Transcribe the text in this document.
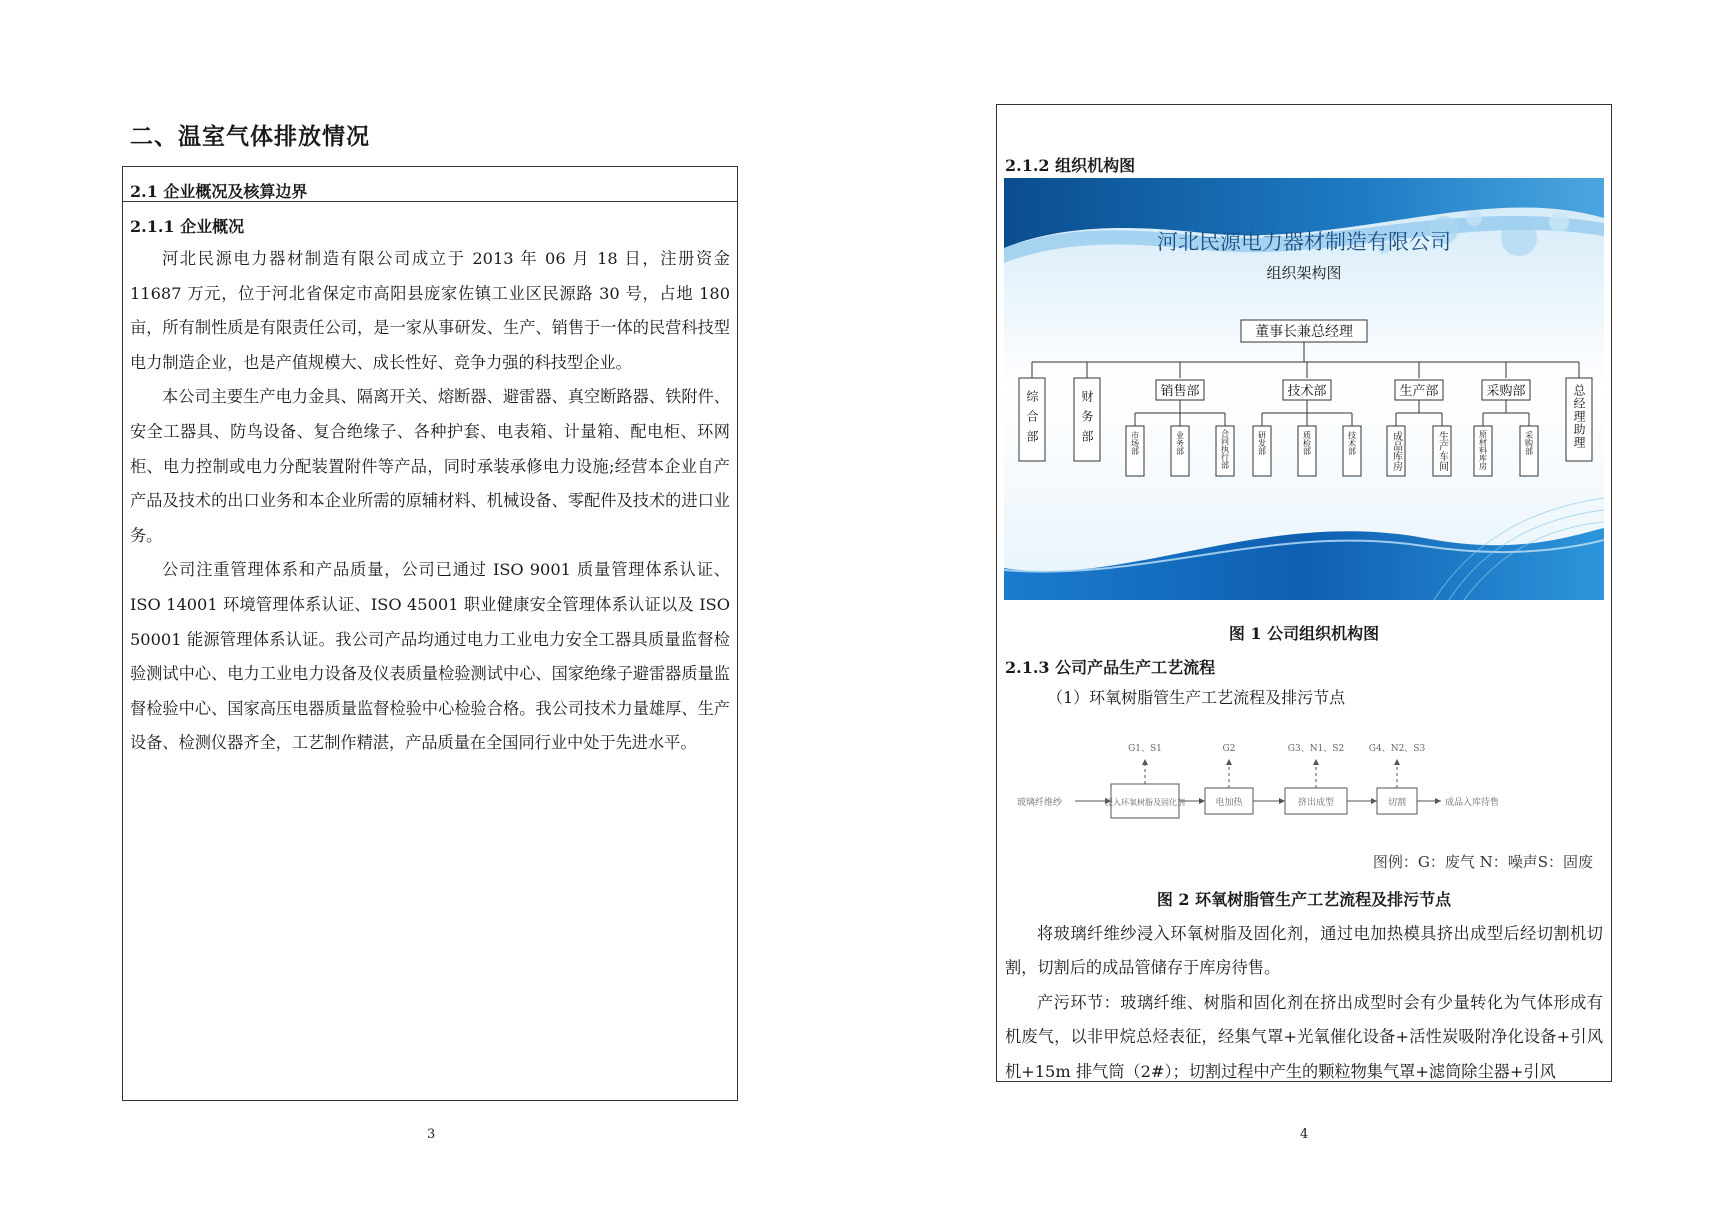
二、温室气体排放情况
2.1 企业概况及核算边界
2.1.1 企业概况

河北民源电力器材制造有限公司成立于 2013 年 06 月 18 日，注册资金 11687 万元，位于河北省保定市高阳县庞家佐镇工业区民源路 30 号，占地 180 亩，所有制性质是有限责任公司，是一家从事研发、生产、销售于一体的民营科技型电力制造企业，也是产值规模大、成长性好、竞争力强的科技型企业。

本公司主要生产电力金具、隔离开关、熔断器、避雷器、真空断路器、铁附件、安全工器具、防鸟设备、复合绝缘子、各种护套、电表箱、计量箱、配电柜、环网柜、电力控制或电力分配装置附件等产品，同时承装承修电力设施;经营本企业自产产品及技术的出口业务和本企业所需的原辅材料、机械设备、零配件及技术的进口业务。

公司注重管理体系和产品质量，公司已通过 ISO 9001 质量管理体系认证、ISO 14001 环境管理体系认证、ISO 45001 职业健康安全管理体系认证以及 ISO 50001 能源管理体系认证。我公司产品均通过电力工业电力安全工器具质量监督检验测试中心、电力工业电力设备及仪表质量检验测试中心、国家绝缘子避雷器质量监督检验中心、国家高压电器质量监督检验中心检验合格。我公司技术力量雄厚、生产设备、检测仪器齐全，工艺制作精湛，产品质量在全国同行业中处于先进水平。

3
2.1.2 组织机构图
河北民源电力器材制造有限公司
组织架构图
董事长兼总经理
销售部	技术部	生产部	采购部
综合部	财务部	总经理助理
市场部	业务部	合同执行部	研发部	质检部	技术部	成品库房	生产车间	原材料库房	采购部
图 1 公司组织机构图
2.1.3 公司产品生产工艺流程
（1）环氧树脂管生产工艺流程及排污节点
玻璃纤维纱	浸入环氧树脂及固化剂	电加热	挤出成型	切割	成品入库待售
G1、S1	G2	G3、N1、S2	G4、N2、S3
图例：G：废气 N：噪声S：固废
图 2 环氧树脂管生产工艺流程及排污节点

将玻璃纤维纱浸入环氧树脂及固化剂，通过电加热模具挤出成型后经切割机切割，切割后的成品管储存于库房待售。

产污环节：玻璃纤维、树脂和固化剂在挤出成型时会有少量转化为气体形成有机废气，以非甲烷总烃表征，经集气罩+光氧催化设备+活性炭吸附净化设备+引风机+15m 排气筒（2#）；切割过程中产生的颗粒物集气罩+滤筒除尘器+引风

4
